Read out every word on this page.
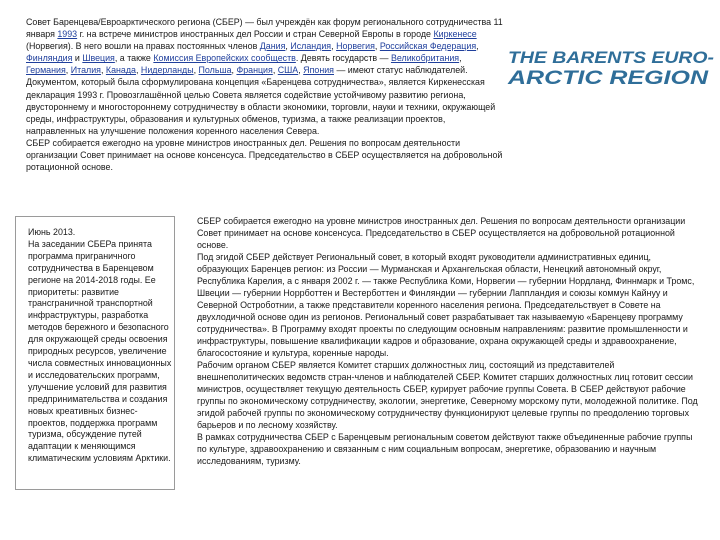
Совет Баренцева/Евроарктического региона (СБЕР) — был учреждён как форум регионального сотрудничества 11 января 1993 г. на встрече министров иностранных дел России и стран Северной Европы в городе Киркенесе (Норвегия). В него вошли на правах постоянных членов Дания, Исландия, Норвегия, Российская Федерация, Финляндия и Швеция, а также Комиссия Европейских сообществ. Девять государств — Великобритания, Германия, Италия, Канада, Нидерланды, Польша, Франция, США, Япония — имеют статус наблюдателей.

Документом, который была сформулирована концепция «Баренцева сотрудничества», является Киркенесская декларация 1993 г. Провозглашённой целью Совета является содействие устойчивому развитию региона, двустороннему и многостороннему сотрудничеству в области экономики, торговли, науки и техники, окружающей среды, инфраструктуры, образования и культурных обменов, туризма, а также реализации проектов, направленных на улучшение положения коренного населения Севера.

СБЕР собирается ежегодно на уровне министров иностранных дел. Решения по вопросам деятельности организации Совет принимает на основе консенсуса. Председательство в СБЕР осуществляется на добровольной ротационной основе.

THE BARENTS EURO-
ARCTIC REGION

Июнь 2013.

На заседании СБЕРа принята программа приграничного сотрудничества в Баренцевом регионе на 2014-2018 годы. Ее приоритеты: развитие трансграничной транспортной инфраструктуры, разработка методов бережного и безопасного для окружающей среды освоения природных ресурсов, увеличение числа совместных инновационных и исследовательских программ, улучшение условий для развития предпринимательства и создания новых креативных бизнес-проектов, поддержка программ туризма, обсуждение путей адаптации к меняющимся климатическим условиям Арктики.

СБЕР собирается ежегодно на уровне министров иностранных дел. Решения по вопросам деятельности организации Совет принимает на основе консенсуса. Председательство в СБЕР осуществляется на добровольной ротационной основе.

Под эгидой СБЕР действует Региональный совет, в который входят руководители административных единиц, образующих Баренцев регион: из России — Мурманская и Архангельская области, Ненецкий автономный округ, Республика Карелия, а с января 2002 г. — также Республика Коми, Норвегии — губернии Нордланд, Финнмарк и Тромс, Швеции — губернии Норрботтен и Вестерботтен и Финляндии — губернии Лаппландия и союзы коммун Кайнуу и Северной Остроботнии, а также представители коренного населения региона. Председательствует в Совете на двухлодичной основе один из регионов. Региональный совет разрабатывает так называемую «Баренцеву программу сотрудничества». В Программу входят проекты по следующим основным направлениям: развитие промышленности и инфраструктуры, повышение квалификации кадров и образование, охрана окружающей среды и здравоохранение, благосостояние и культура, коренные народы.

Рабочим органом СБЕР является Комитет старших должностных лиц, состоящий из представителей внешнеполитических ведомств стран-членов и наблюдателей СБЕР. Комитет старших должностных лиц готовит сессии министров, осуществляет текущую деятельность СБЕР, курирует рабочие группы Совета. В СБЕР действуют рабочие группы по экономическому сотрудничеству, экологии, энергетике, Северному морскому пути, молодежной политике. Под эгидой рабочей группы по экономическому сотрудничеству функционируют целевые группы по преодолению торговых барьеров и по лесному хозяйству.

В рамках сотрудничества СБЕР с Баренцевым региональным советом действуют также объединенные рабочие группы по культуре, здравоохранению и связанным с ним социальным вопросам, энергетике, образованию и научным исследованиям, туризму.
